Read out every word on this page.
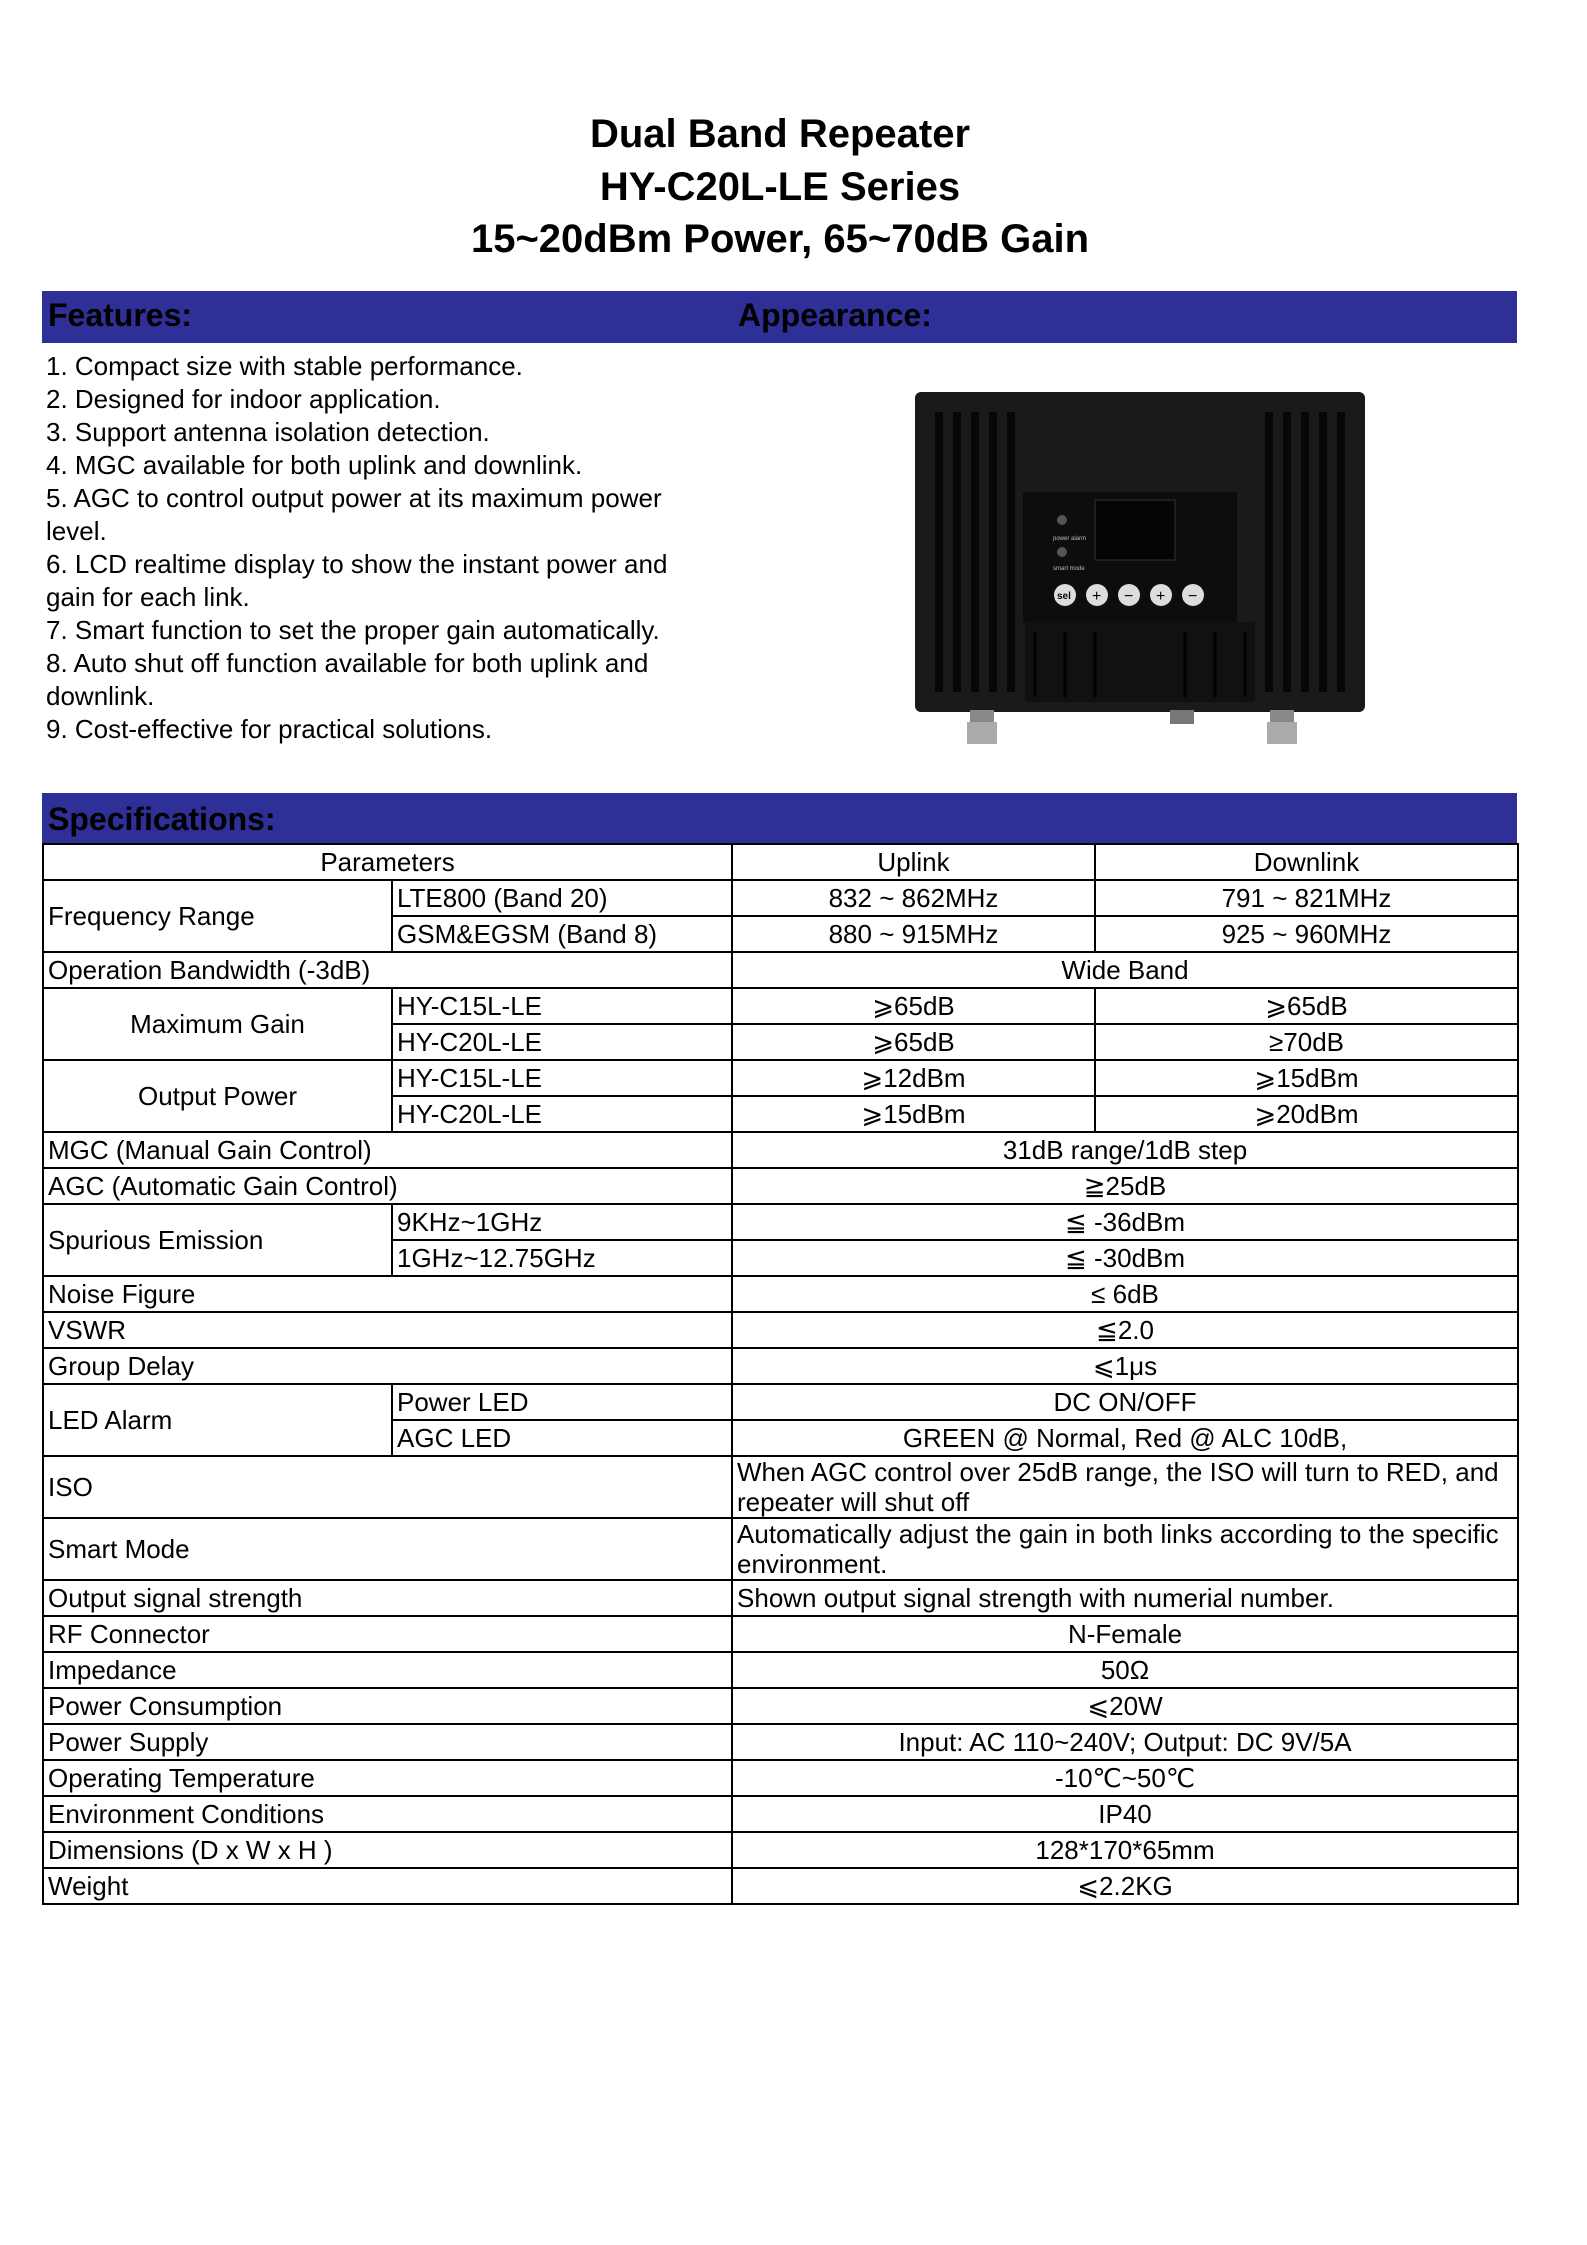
Dual Band Repeater
HY-C20L-LE Series
15~20dBm Power, 65~70dB Gain
Features:	Appearance:
1. Compact size with stable performance.
2. Designed for indoor application.
3. Support antenna isolation detection.
4. MGC available for both uplink and downlink.
5. AGC to control output power at its maximum power level.
6. LCD realtime display to show the instant power and gain for each link.
7. Smart function to set the proper gain automatically.
8. Auto shut off function available for both uplink and downlink.
9. Cost-effective for practical solutions.
power alarm
smart mode
sel + − + −
Specifications:
Parameters		Uplink	Downlink
Frequency Range	LTE800 (Band 20)	832 ~ 862MHz	791 ~ 821MHz
	GSM&EGSM (Band 8)	880 ~ 915MHz	925 ~ 960MHz
Operation Bandwidth (-3dB)		Wide Band	
Maximum Gain	HY-C15L-LE	⩾65dB	⩾65dB
	HY-C20L-LE	⩾65dB	≥70dB
Output Power	HY-C15L-LE	⩾12dBm	⩾15dBm
	HY-C20L-LE	⩾15dBm	⩾20dBm
MGC (Manual Gain Control)		31dB range/1dB step	
AGC (Automatic Gain Control)		≧25dB	
Spurious Emission	9KHz~1GHz	≦ -36dBm	
	1GHz~12.75GHz	≦ -30dBm	
Noise Figure		≤ 6dB	
VSWR		≦2.0	
Group Delay		⩽1μs	
LED Alarm	Power LED	DC ON/OFF	
	AGC LED	GREEN @ Normal, Red @ ALC 10dB,	
ISO		When AGC control over 25dB range, the ISO will turn to RED, and repeater will shut off	
Smart Mode		Automatically adjust the gain in both links according to the specific environment.	
Output signal strength		Shown output signal strength with numerial number.	
RF Connector		N-Female	
Impedance		50Ω	
Power Consumption		⩽20W	
Power Supply		Input: AC 110~240V; Output: DC 9V/5A	
Operating Temperature		-10℃~50℃	
Environment Conditions		IP40	
Dimensions (D x W x H )		128*170*65mm	
Weight		⩽2.2KG	
